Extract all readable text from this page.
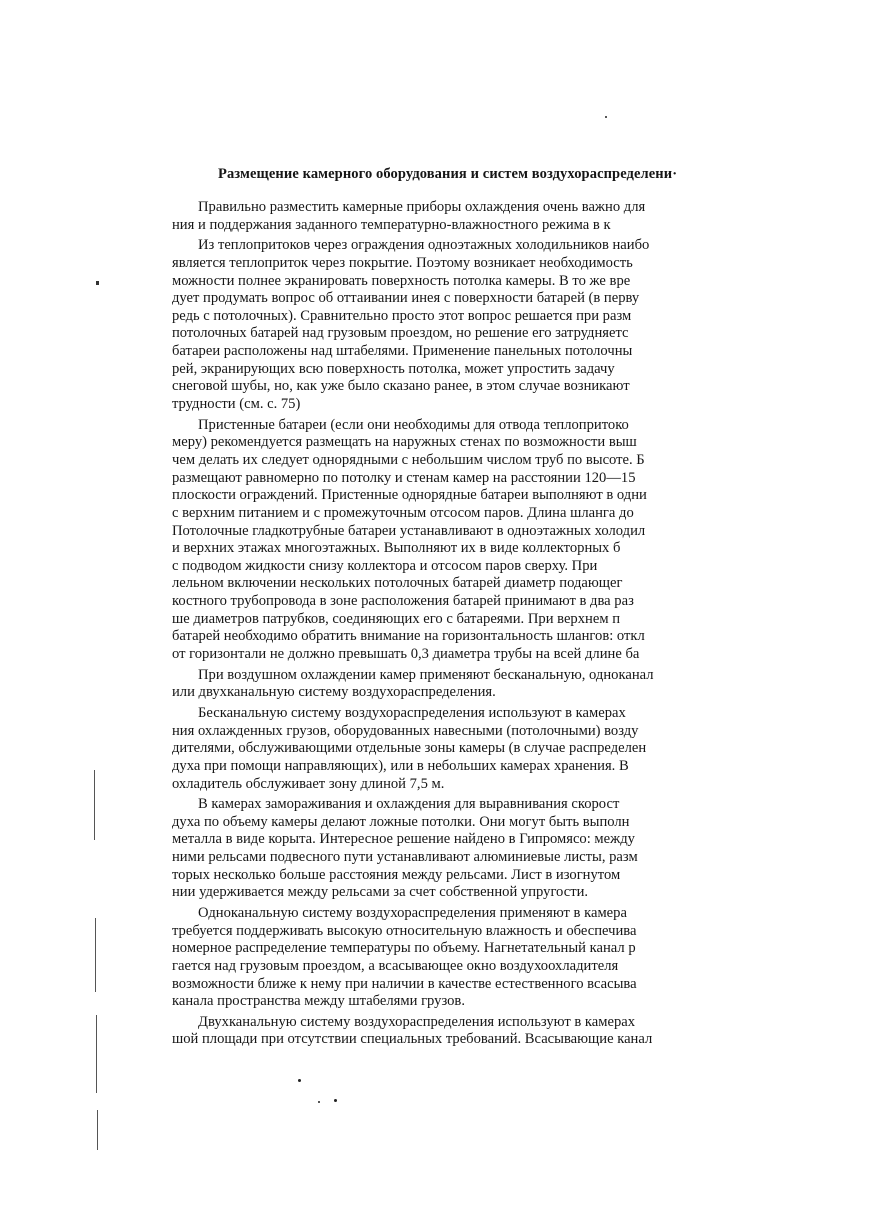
Размещение камерного оборудования и систем воздухораспределени·
Правильно разместить камерные приборы охлаждения очень важно для
ния и поддержания заданного температурно-влажностного режима в к
Из теплопритоков через ограждения одноэтажных холодильников наибо
является теплоприток через покрытие. Поэтому возникает необходимость
можности полнее экранировать поверхность потолка камеры. В то же вре
дует продумать вопрос об оттаивании инея с поверхности батарей (в перву
редь с потолочных). Сравнительно просто этот вопрос решается при разм
потолочных батарей над грузовым проездом, но решение его затрудняетс
батареи расположены над штабелями. Применение панельных потолочны
рей, экранирующих всю поверхность потолка, может упростить задачу
снеговой шубы, но, как уже было сказано ранее, в этом случае возникают
трудности (см. с. 75)
Пристенные батареи (если они необходимы для отвода теплопритоко
меру) рекомендуется размещать на наружных стенах по возможности выш
чем делать их следует однорядными с небольшим числом труб по высоте. Б
размещают равномерно по потолку и стенам камер на расстоянии 120—15
плоскости ограждений. Пристенные однорядные батареи выполняют в одни
с верхним питанием и с промежуточным отсосом паров. Длина шланга до
Потолочные гладкотрубные батареи устанавливают в одноэтажных холодил
и верхних этажах многоэтажных. Выполняют их в виде коллекторных б
с подводом жидкости снизу коллектора и отсосом паров сверху. При
лельном включении нескольких потолочных батарей диаметр подающег
костного трубопровода в зоне расположения батарей принимают в два раз
ше диаметров патрубков, соединяющих его с батареями. При верхнем п
батарей необходимо обратить внимание на горизонтальность шлангов: откл
от горизонтали не должно превышать 0,3 диаметра трубы на всей длине ба
При воздушном охлаждении камер применяют бесканальную, одноканал
или двухканальную систему воздухораспределения.
Бесканальную систему воздухораспределения используют в камерах
ния охлажденных грузов, оборудованных навесными (потолочными) возду
дителями, обслуживающими отдельные зоны камеры (в случае распределен
духа при помощи направляющих), или в небольших камерах хранения. В
охладитель обслуживает зону длиной 7,5 м.
В камерах замораживания и охлаждения для выравнивания скорост
духа по объему камеры делают ложные потолки. Они могут быть выполн
металла в виде корыта. Интересное решение найдено в Гипромясо: между
ними рельсами подвесного пути устанавливают алюминиевые листы, разм
торых несколько больше расстояния между рельсами. Лист в изогнутом
нии удерживается между рельсами за счет собственной упругости.
Одноканальную систему воздухораспределения применяют в камера
требуется поддерживать высокую относительную влажность и обеспечива
номерное распределение температуры по объему. Нагнетательный канал р
гается над грузовым проездом, а всасывающее окно воздухоохладителя
возможности ближе к нему при наличии в качестве естественного всасыва
канала пространства между штабелями грузов.
Двухканальную систему воздухораспределения используют в камерах
шой площади при отсутствии специальных требований. Всасывающие канал
